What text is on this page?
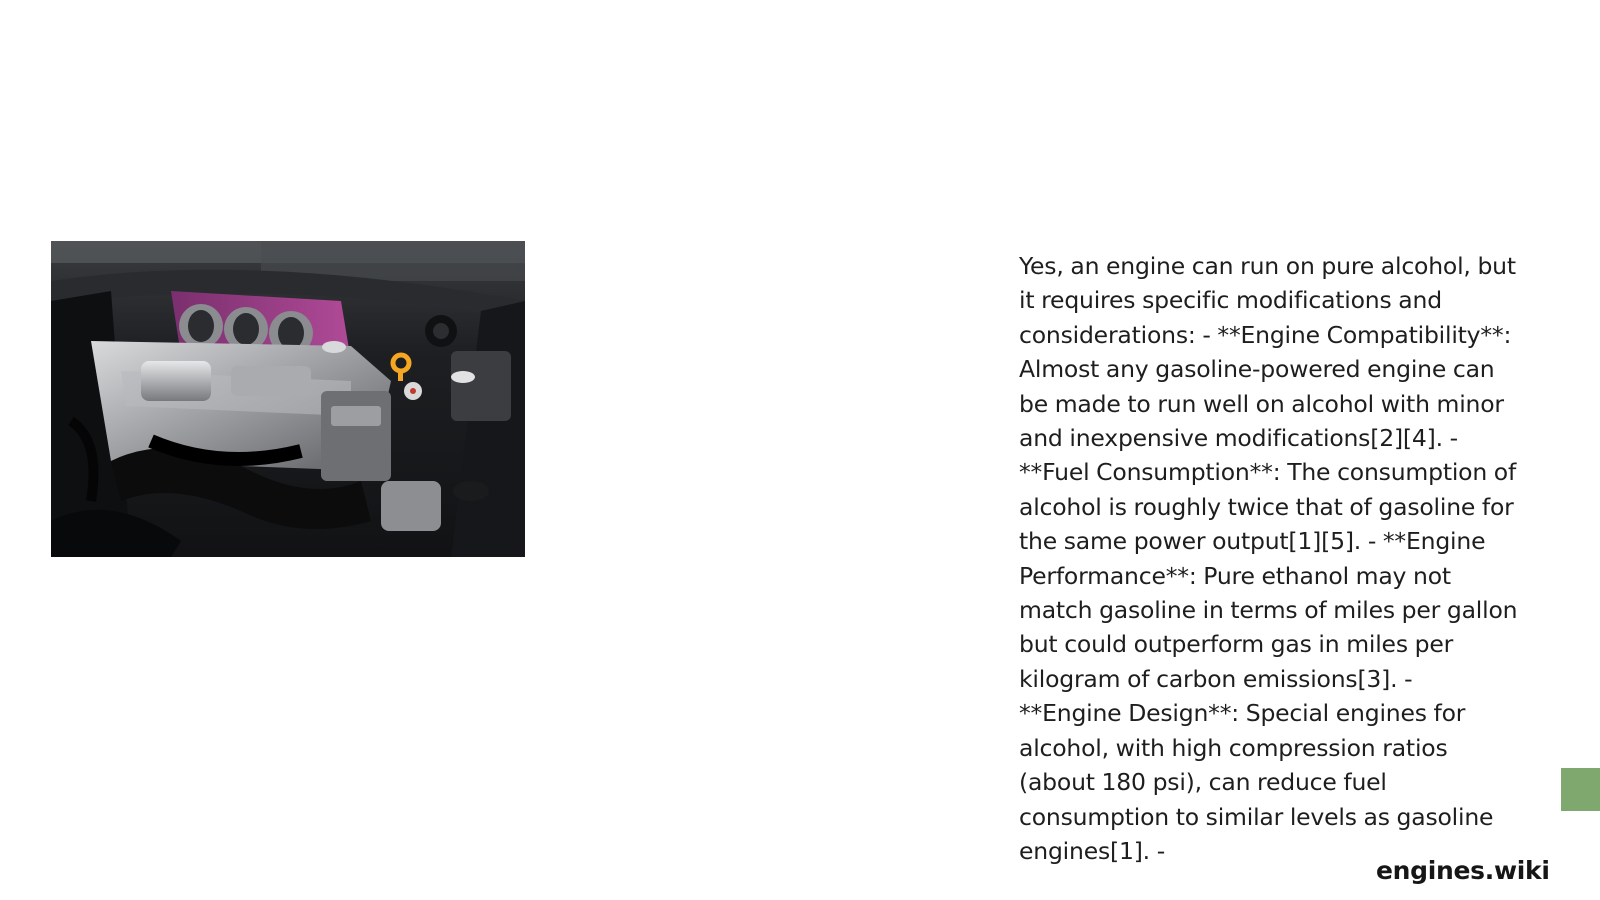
Yes, an engine can run on pure alcohol, but it requires specific modifications and considerations: - **Engine Compatibility**: Almost any gasoline-powered engine can be made to run well on alcohol with minor and inexpensive modifications[2][4]. - **Fuel Consumption**: The consumption of alcohol is roughly twice that of gasoline for the same power output[1][5]. - **Engine Performance**: Pure ethanol may not match gasoline in terms of miles per gallon but could outperform gas in miles per kilogram of carbon emissions[3]. - **Engine Design**: Special engines for alcohol, with high compression ratios (about 180 psi), can reduce fuel consumption to similar levels as gasoline engines[1]. -

engines.wiki
